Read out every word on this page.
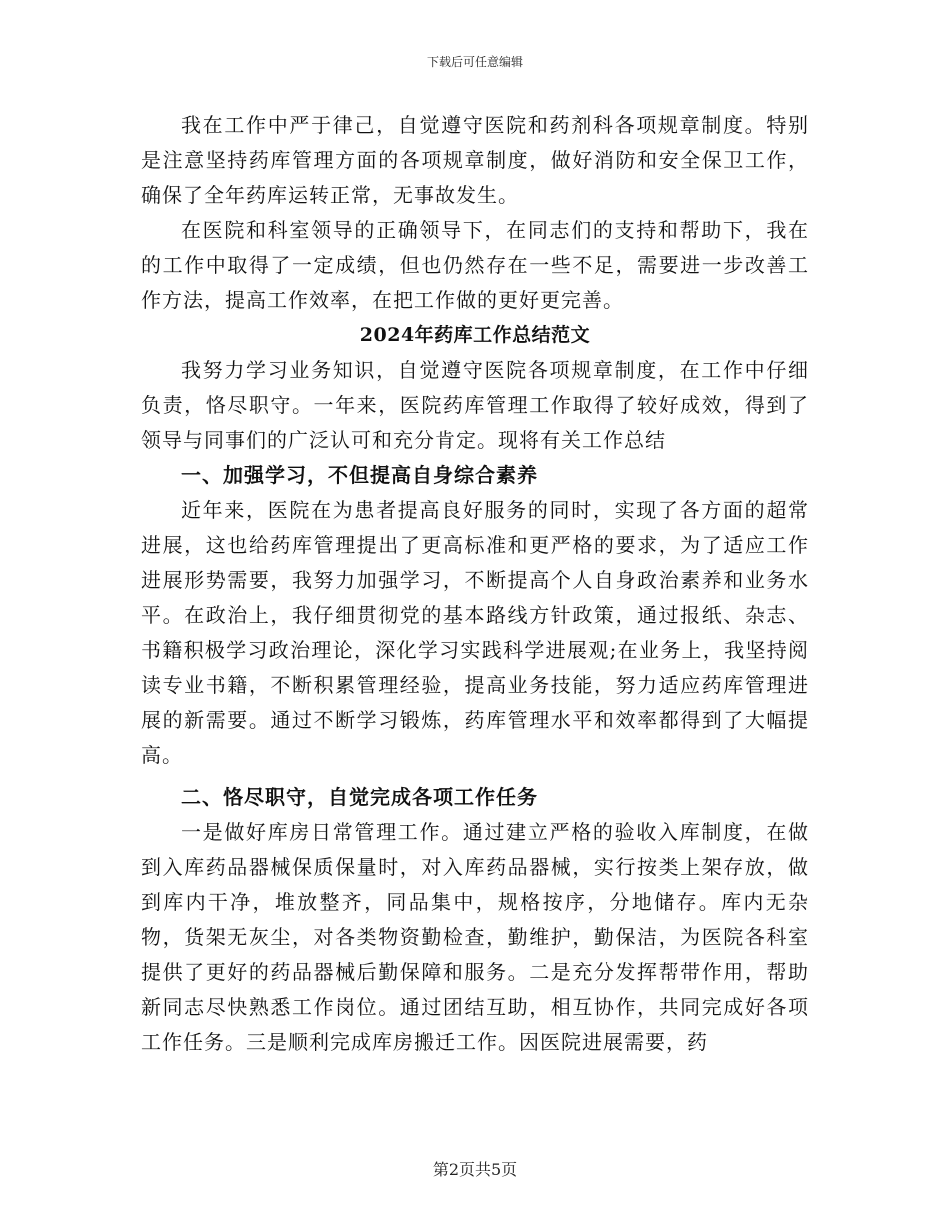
下载后可任意编辑

我在工作中严于律己，自觉遵守医院和药剂科各项规章制度。特别是注意坚持药库管理方面的各项规章制度，做好消防和安全保卫工作，确保了全年药库运转正常，无事故发生。

在医院和科室领导的正确领导下，在同志们的支持和帮助下，我在的工作中取得了一定成绩，但也仍然存在一些不足，需要进一步改善工作方法，提高工作效率，在把工作做的更好更完善。

2024年药库工作总结范文

我努力学习业务知识，自觉遵守医院各项规章制度，在工作中仔细负责，恪尽职守。一年来，医院药库管理工作取得了较好成效，得到了领导与同事们的广泛认可和充分肯定。现将有关工作总结

一、加强学习，不但提高自身综合素养

近年来，医院在为患者提高良好服务的同时，实现了各方面的超常进展，这也给药库管理提出了更高标准和更严格的要求，为了适应工作进展形势需要，我努力加强学习，不断提高个人自身政治素养和业务水平。在政治上，我仔细贯彻党的基本路线方针政策，通过报纸、杂志、书籍积极学习政治理论，深化学习实践科学进展观;在业务上，我坚持阅读专业书籍，不断积累管理经验，提高业务技能，努力适应药库管理进展的新需要。通过不断学习锻炼，药库管理水平和效率都得到了大幅提高。

二、恪尽职守，自觉完成各项工作任务

一是做好库房日常管理工作。通过建立严格的验收入库制度，在做到入库药品器械保质保量时，对入库药品器械，实行按类上架存放，做到库内干净，堆放整齐，同品集中，规格按序，分地储存。库内无杂物，货架无灰尘，对各类物资勤检查，勤维护，勤保洁，为医院各科室提供了更好的药品器械后勤保障和服务。二是充分发挥帮带作用，帮助新同志尽快熟悉工作岗位。通过团结互助，相互协作，共同完成好各项工作任务。三是顺利完成库房搬迁工作。因医院进展需要，药

第2页共5页
